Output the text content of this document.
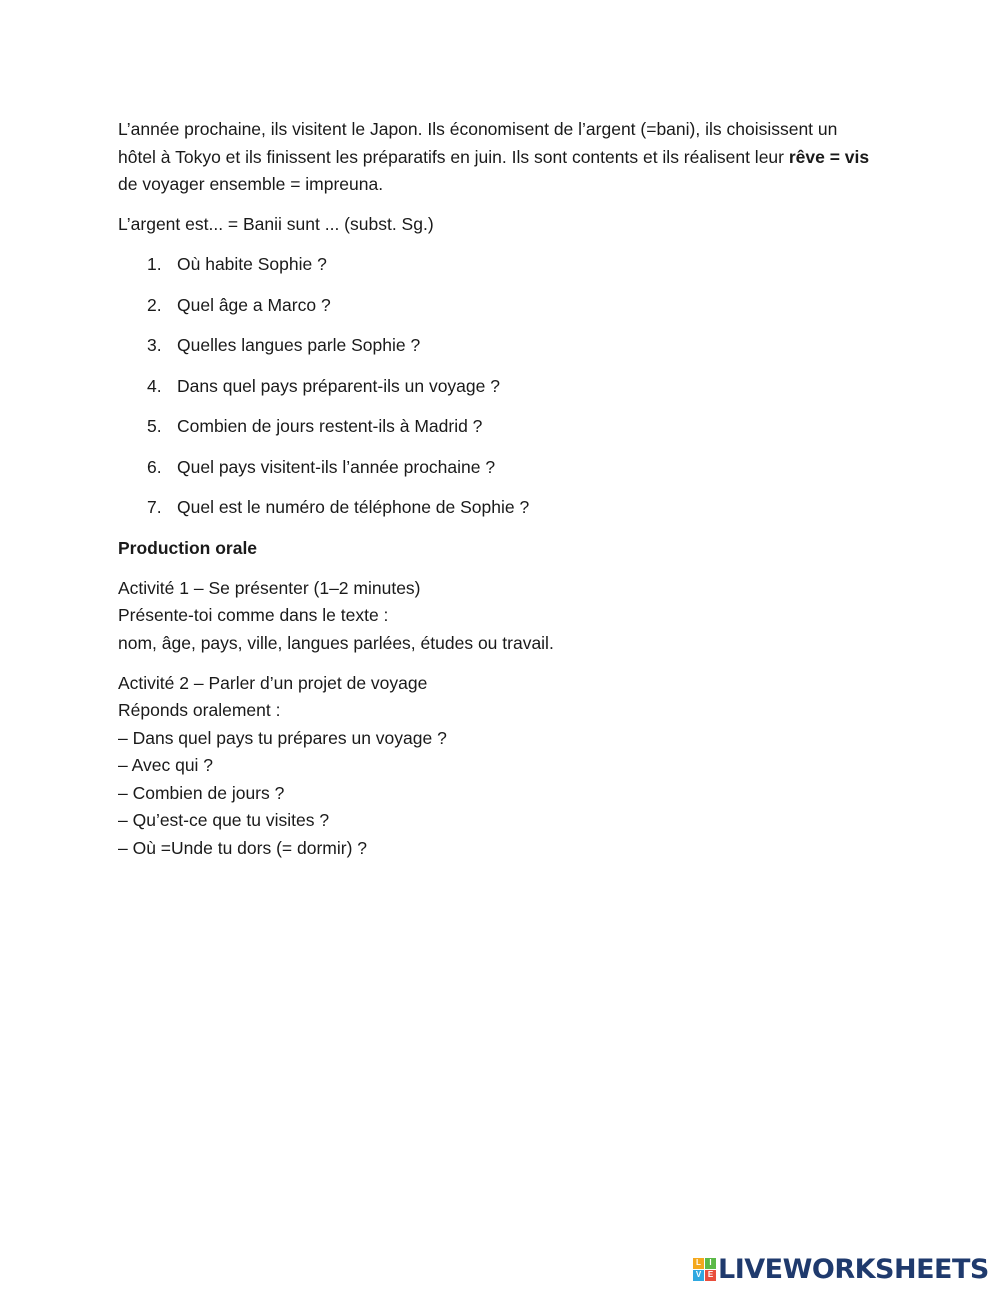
L’année prochaine, ils visitent le Japon. Ils économisent de l’argent (=bani), ils choisissent un hôtel à Tokyo et ils finissent les préparatifs en juin. Ils sont contents et ils réalisent leur rêve = vis de voyager ensemble = impreuna.

L’argent est... = Banii sunt ... (subst. Sg.)

1. Où habite Sophie ?
2. Quel âge a Marco ?
3. Quelles langues parle Sophie ?
4. Dans quel pays préparent-ils un voyage ?
5. Combien de jours restent-ils à Madrid ?
6. Quel pays visitent-ils l’année prochaine ?
7. Quel est le numéro de téléphone de Sophie ?

Production orale

Activité 1 – Se présenter (1–2 minutes)
Présente-toi comme dans le texte :
nom, âge, pays, ville, langues parlées, études ou travail.

Activité 2 – Parler d’un projet de voyage
Réponds oralement :
– Dans quel pays tu prépares un voyage ?
– Avec qui ?
– Combien de jours ?
– Qu’est-ce que tu visites ?
– Où =Unde tu dors (= dormir) ?

L	I
V E LIVEWORKSHEETS
